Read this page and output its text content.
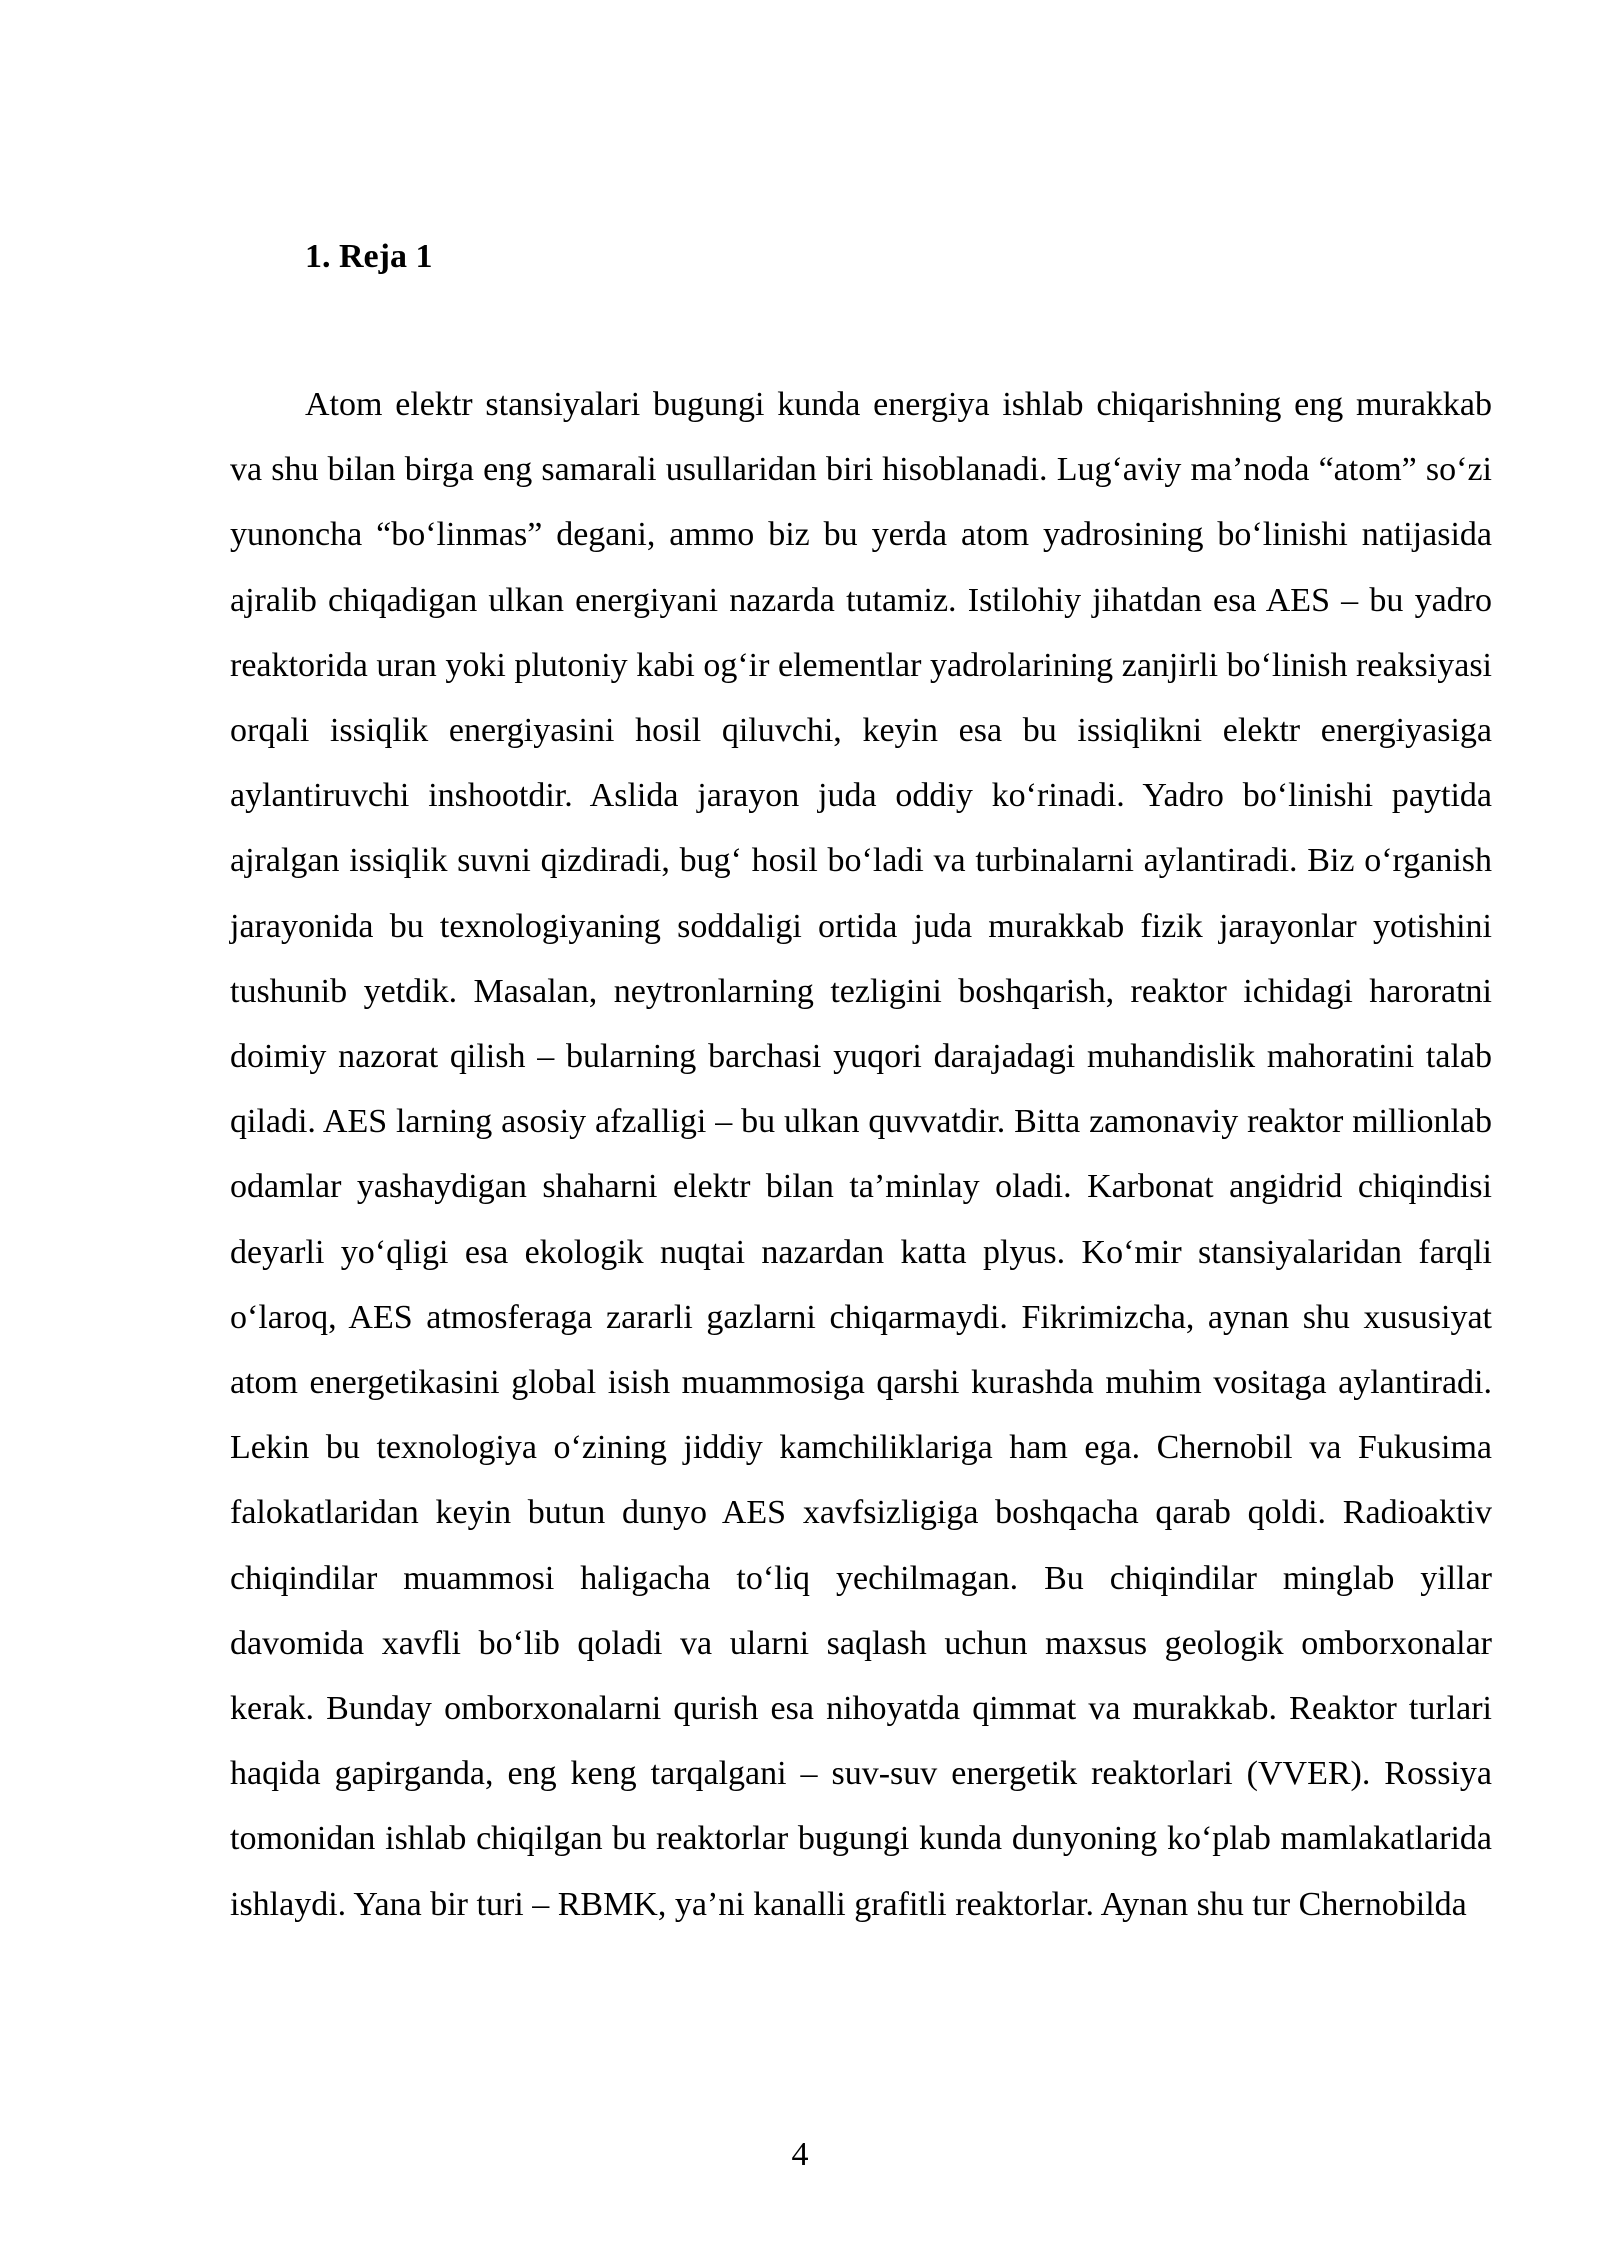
1. Reja 1

Atom elektr stansiyalari bugungi kunda energiya ishlab chiqarishning eng murakkab va shu bilan birga eng samarali usullaridan biri hisoblanadi. Lug‘aviy ma’noda “atom” so‘zi yunoncha “bo‘linmas” degani, ammo biz bu yerda atom yadrosining bo‘linishi natijasida ajralib chiqadigan ulkan energiyani nazarda tutamiz. Istilohiy jihatdan esa AES – bu yadro reaktorida uran yoki plutoniy kabi og‘ir elementlar yadrolarining zanjirli bo‘linish reaksiyasi orqali issiqlik energiyasini hosil qiluvchi, keyin esa bu issiqlikni elektr energiyasiga aylantiruvchi inshootdir. Aslida jarayon juda oddiy ko‘rinadi. Yadro bo‘linishi paytida ajralgan issiqlik suvni qizdiradi, bug‘ hosil bo‘ladi va turbinalarni aylantiradi. Biz o‘rganish jarayonida bu texnologiyaning soddaligi ortida juda murakkab fizik jarayonlar yotishini tushunib yetdik. Masalan, neytronlarning tezligini boshqarish, reaktor ichidagi haroratni doimiy nazorat qilish – bularning barchasi yuqori darajadagi muhandislik mahoratini talab qiladi. AES larning asosiy afzalligi – bu ulkan quvvatdir. Bitta zamonaviy reaktor millionlab odamlar yashaydigan shaharni elektr bilan ta’minlay oladi. Karbonat angidrid chiqindisi deyarli yo‘qligi esa ekologik nuqtai nazardan katta plyus. Ko‘mir stansiyalaridan farqli o‘laroq, AES atmosferaga zararli gazlarni chiqarmaydi. Fikrimizcha, aynan shu xususiyat atom energetikasini global isish muammosiga qarshi kurashda muhim vositaga aylantiradi. Lekin bu texnologiya o‘zining jiddiy kamchiliklariga ham ega. Chernobil va Fukusima falokatlaridan keyin butun dunyo AES xavfsizligiga boshqacha qarab qoldi. Radioaktiv chiqindilar muammosi haligacha to‘liq yechilmagan. Bu chiqindilar minglab yillar davomida xavfli bo‘lib qoladi va ularni saqlash uchun maxsus geologik omborxonalar kerak. Bunday omborxonalarni qurish esa nihoyatda qimmat va murakkab. Reaktor turlari haqida gapirganda, eng keng tarqalgani – suv-suv energetik reaktorlari (VVER). Rossiya tomonidan ishlab chiqilgan bu reaktorlar bugungi kunda dunyoning ko‘plab mamlakatlarida ishlaydi. Yana bir turi – RBMK, ya’ni kanalli grafitli reaktorlar. Aynan shu tur Chernobilda

4
